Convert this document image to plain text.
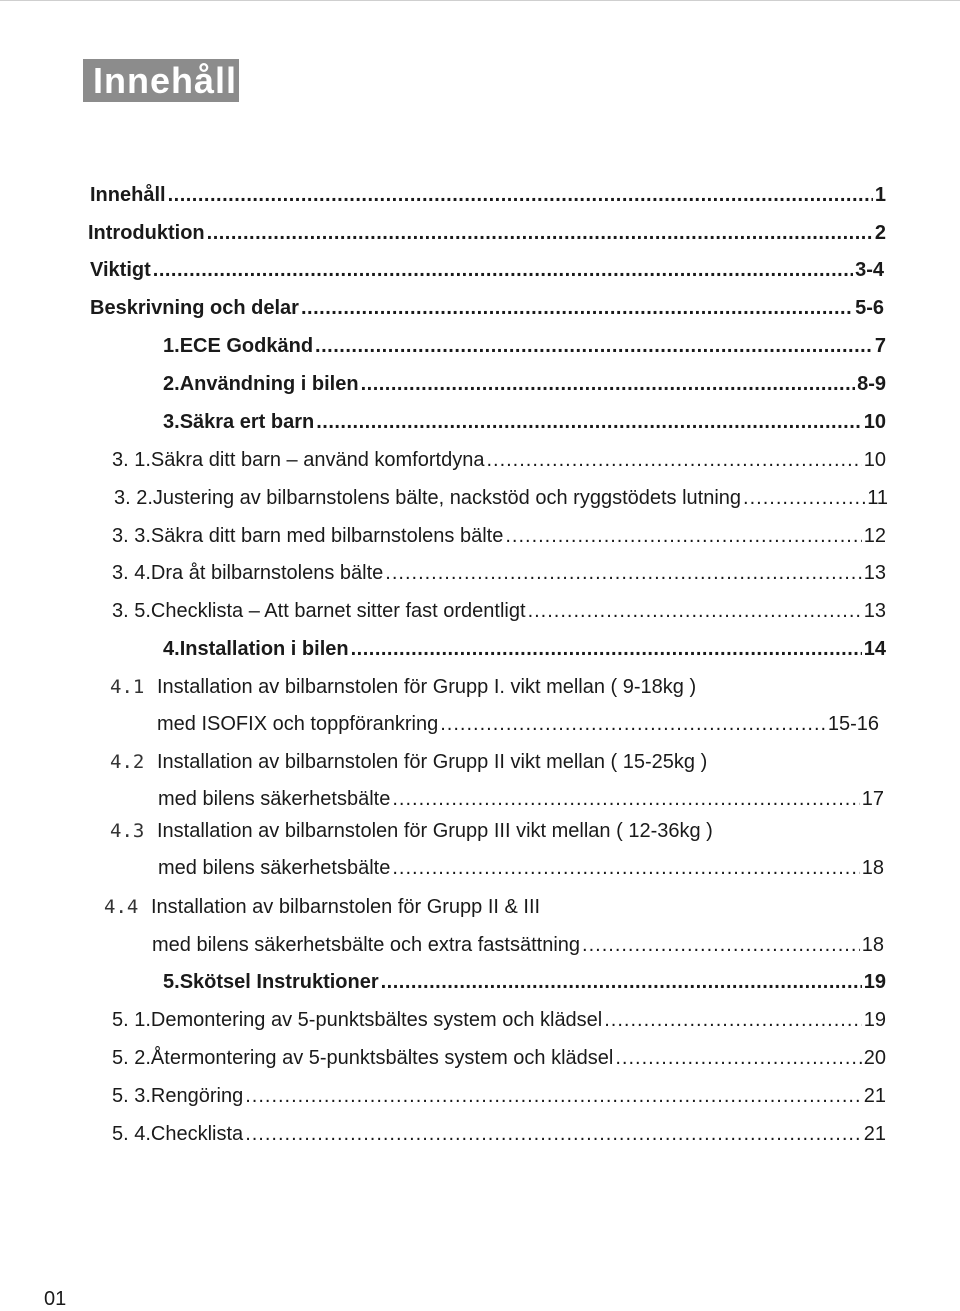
Innehåll
Innehåll .....	1
Introduktion .....	2
Viktigt .....	3-4
Beskrivning och delar .....	5-6
1. ECE Godkänd .....	7
2. Användning i bilen .....	8-9
3. Säkra ert barn .....	10
3. 1. Säkra ditt barn – använd komfortdyna .....	10
3. 2. Justering av bilbarnstolens bälte, nackstöd och ryggstödets lutning .....	11
3. 3. Säkra ditt barn med bilbarnstolens bälte .....	12
3. 4. Dra åt bilbarnstolens bälte .....	13
3. 5. Checklista – Att barnet sitter fast ordentligt .....	13
4. Installation i bilen .....	14
4.1 Installation av bilbarnstolen för Grupp I. vikt mellan ( 9-18kg )
med ISOFIX och toppförankring .....	15-16
4.2 Installation av bilbarnstolen för Grupp II vikt mellan ( 15-25kg )
med bilens säkerhetsbälte .....	17
4.3 Installation av bilbarnstolen för Grupp III vikt mellan ( 12-36kg )
med bilens säkerhetsbälte .....	18
4.4 Installation av bilbarnstolen för Grupp II & III
med bilens säkerhetsbälte och extra fastsättning .....	18
5. Skötsel Instruktioner .....	19
5. 1. Demontering av 5-punktsbältes system och klädsel .....	19
5. 2. Återmontering av 5-punktsbältes system och klädsel .....	20
5. 3. Rengöring .....	21
5. 4. Checklista .....	21
01
